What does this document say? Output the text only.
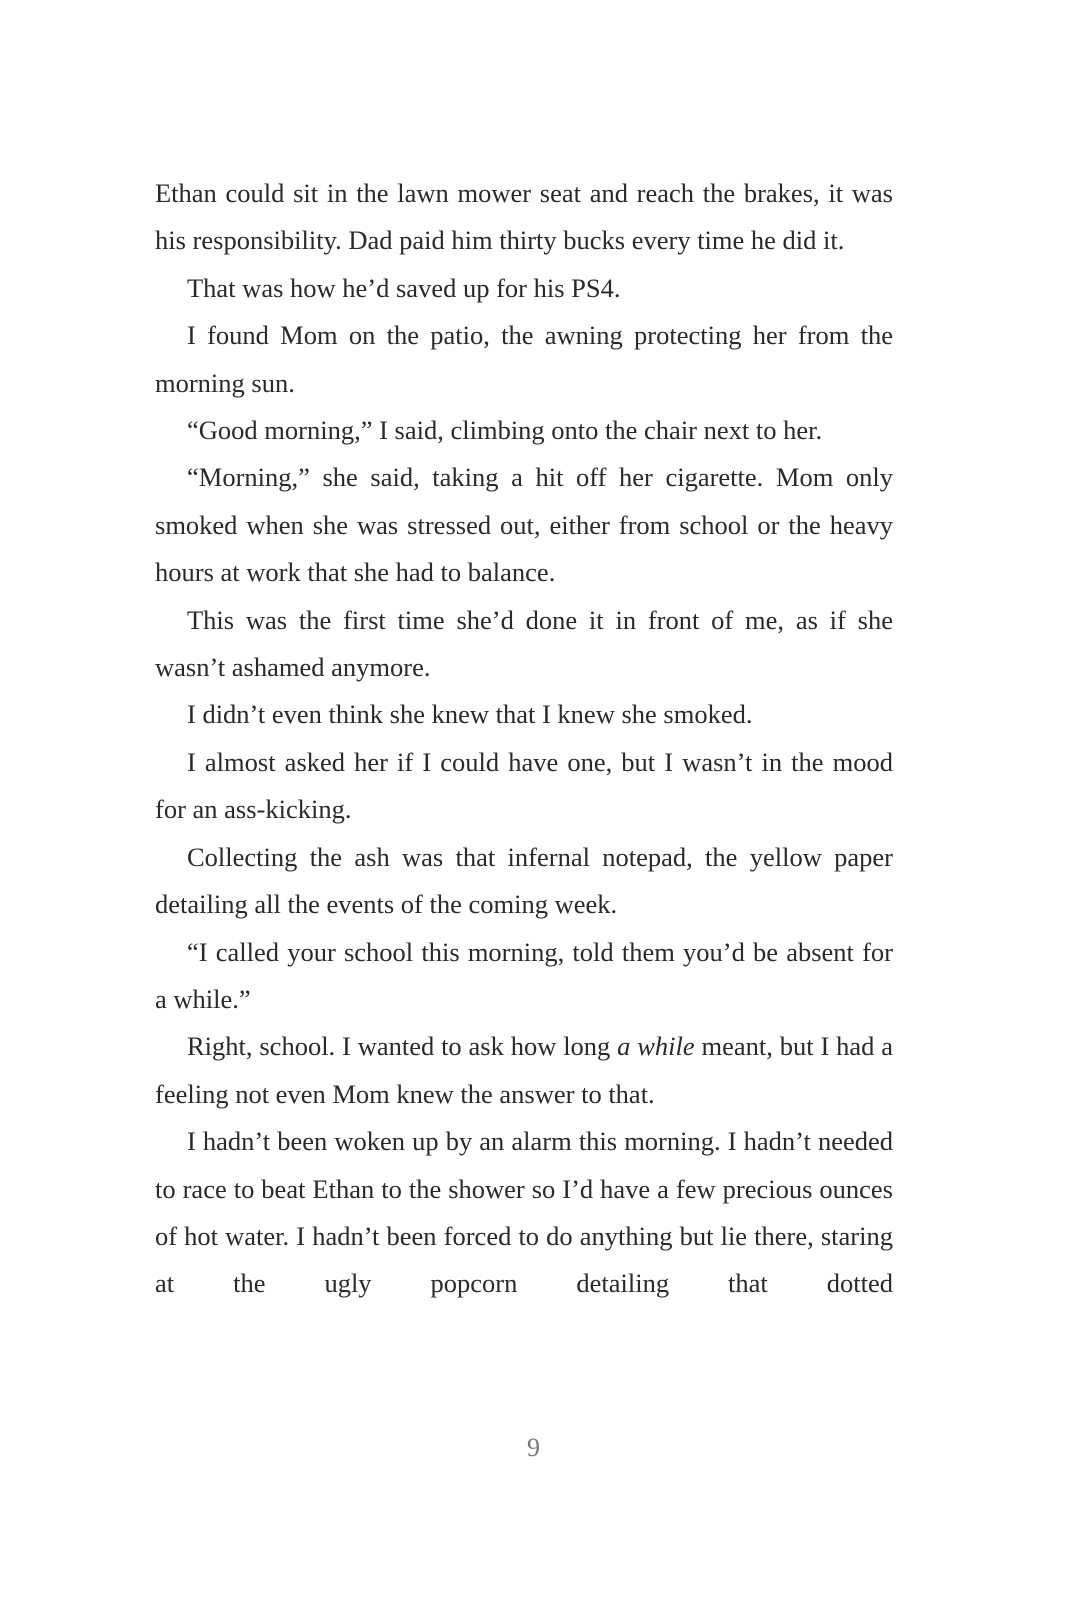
Ethan could sit in the lawn mower seat and reach the brakes, it was his responsibility. Dad paid him thirty bucks every time he did it.

That was how he’d saved up for his PS4.

I found Mom on the patio, the awning protecting her from the morning sun.

“Good morning,” I said, climbing onto the chair next to her.

“Morning,” she said, taking a hit off her cigarette. Mom only smoked when she was stressed out, either from school or the heavy hours at work that she had to balance.

This was the first time she’d done it in front of me, as if she wasn’t ashamed anymore.

I didn’t even think she knew that I knew she smoked.

I almost asked her if I could have one, but I wasn’t in the mood for an ass-kicking.

Collecting the ash was that infernal notepad, the yellow paper detailing all the events of the coming week.

“I called your school this morning, told them you’d be absent for a while.”

Right, school. I wanted to ask how long a while meant, but I had a feeling not even Mom knew the answer to that.

I hadn’t been woken up by an alarm this morning. I hadn’t needed to race to beat Ethan to the shower so I’d have a few precious ounces of hot water. I hadn’t been forced to do anything but lie there, staring at the ugly popcorn detailing that dotted

9
